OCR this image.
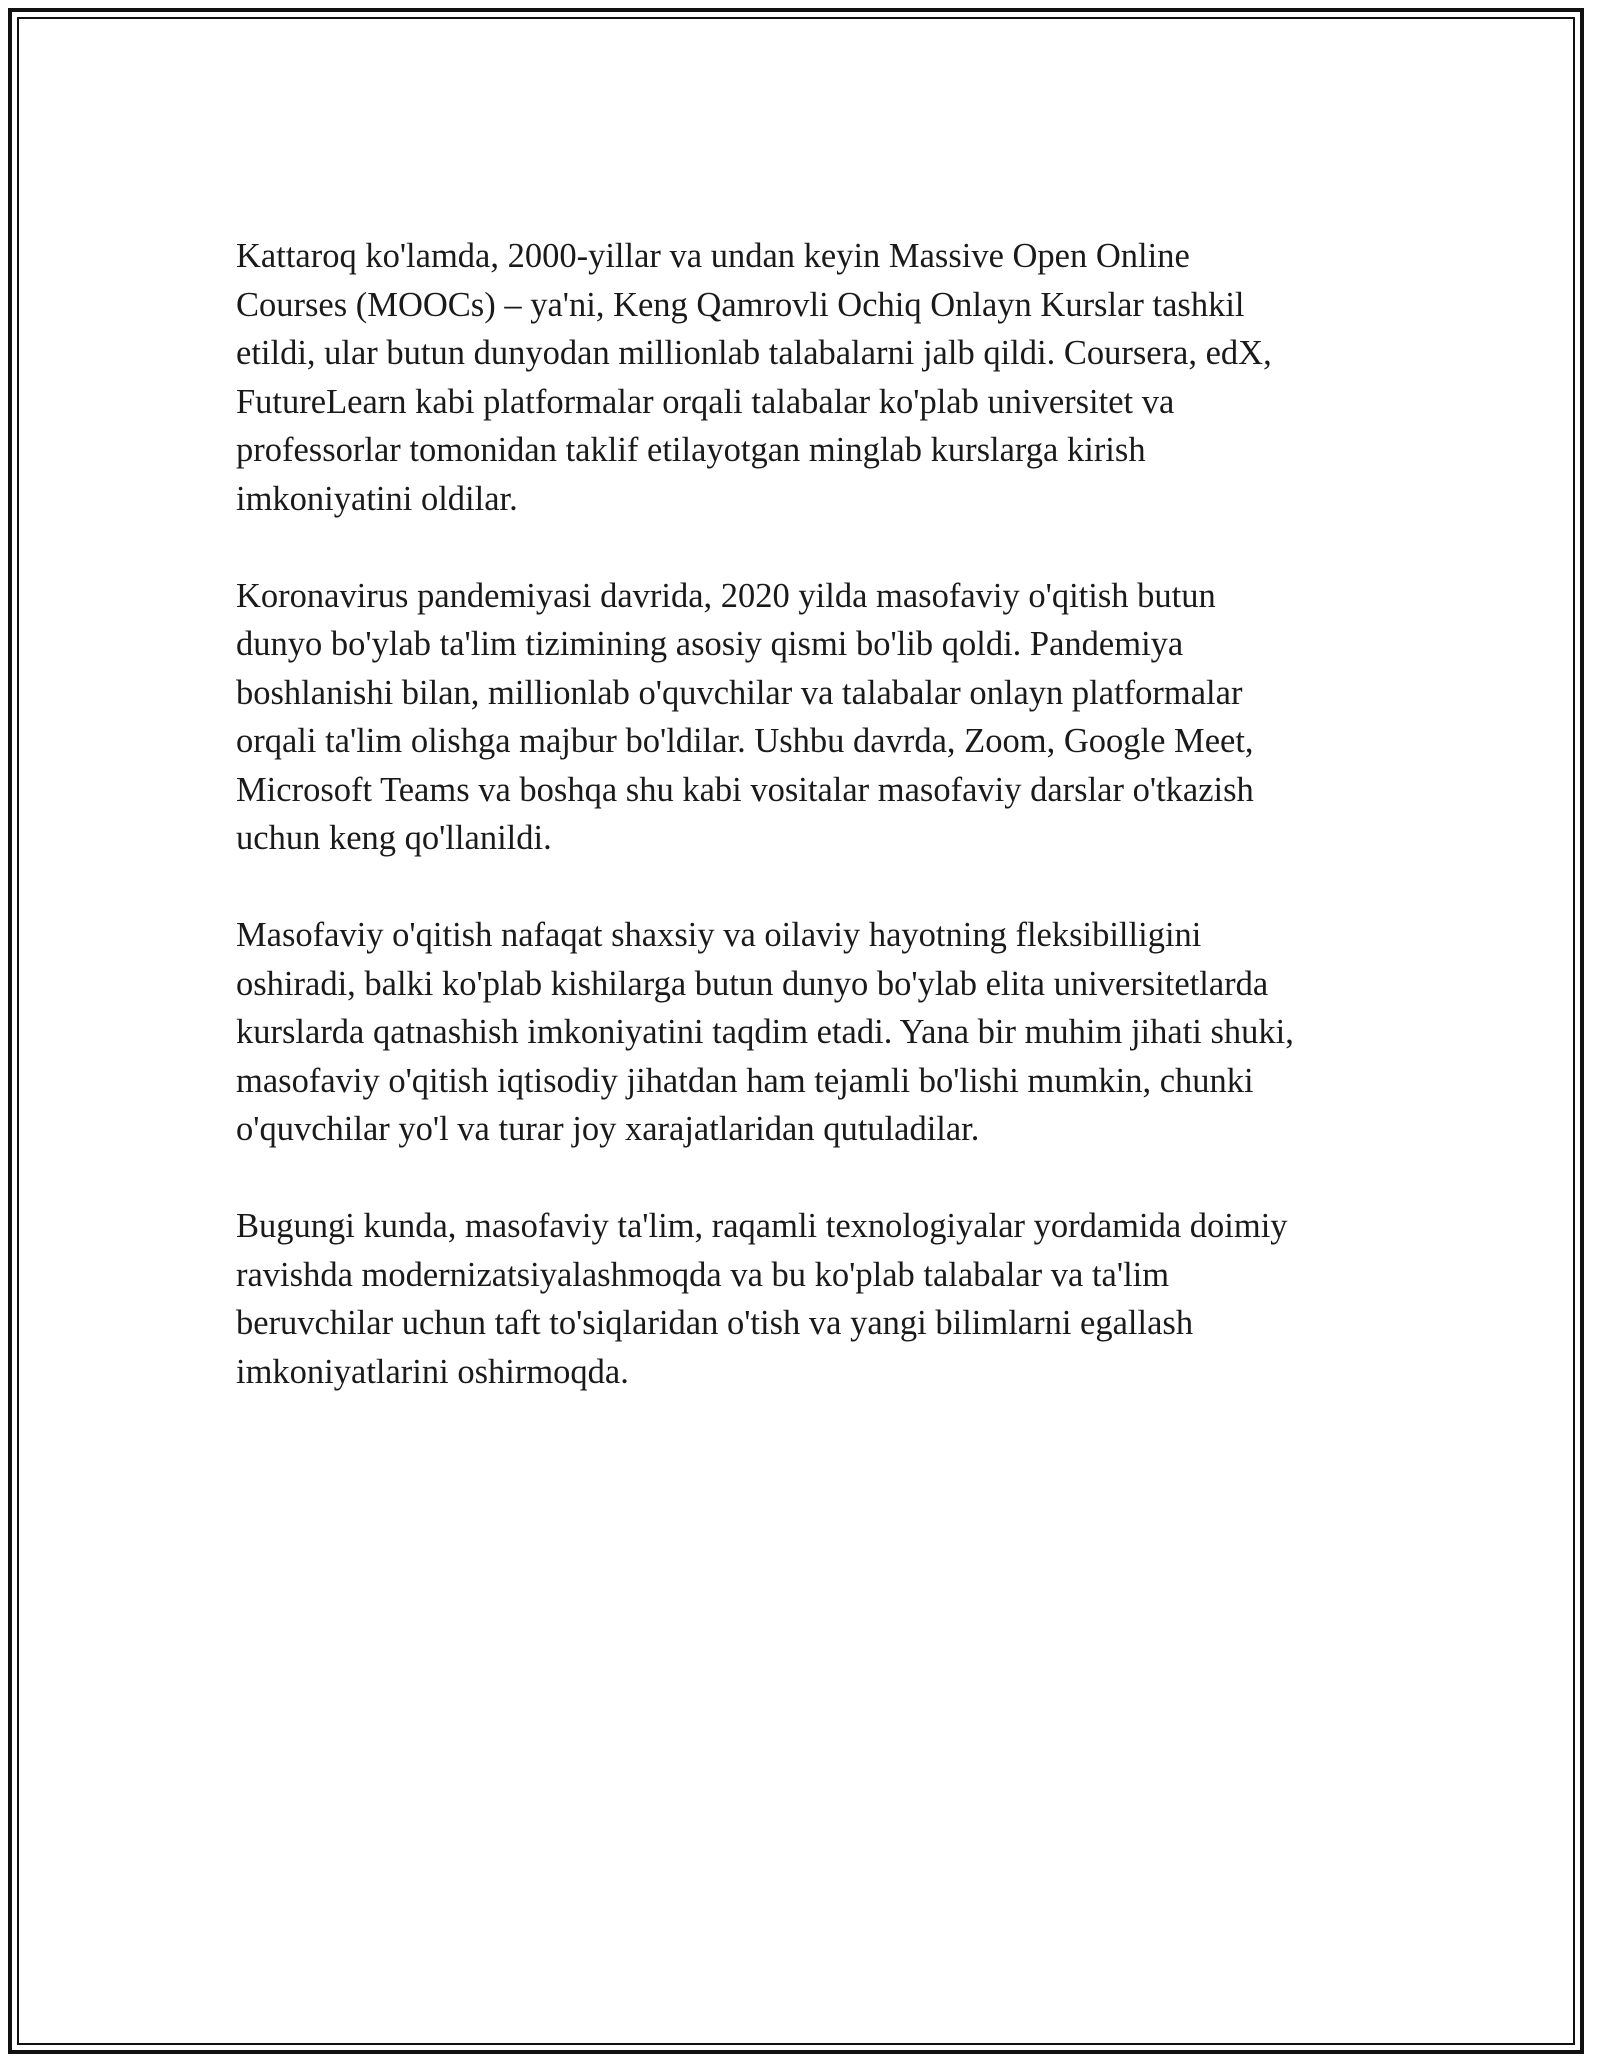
Kattaroq ko'lamda, 2000-yillar va undan keyin Massive Open Online
Courses (MOOCs) – ya'ni, Keng Qamrovli Ochiq Onlayn Kurslar tashkil
etildi, ular butun dunyodan millionlab talabalarni jalb qildi. Coursera, edX,
FutureLearn kabi platformalar orqali talabalar ko'plab universitet va
professorlar tomonidan taklif etilayotgan minglab kurslarga kirish
imkoniyatini oldilar.

Koronavirus pandemiyasi davrida, 2020 yilda masofaviy o'qitish butun
dunyo bo'ylab ta'lim tizimining asosiy qismi bo'lib qoldi. Pandemiya
boshlanishi bilan, millionlab o'quvchilar va talabalar onlayn platformalar
orqali ta'lim olishga majbur bo'ldilar. Ushbu davrda, Zoom, Google Meet,
Microsoft Teams va boshqa shu kabi vositalar masofaviy darslar o'tkazish
uchun keng qo'llanildi.

Masofaviy o'qitish nafaqat shaxsiy va oilaviy hayotning fleksibilligini
oshiradi, balki ko'plab kishilarga butun dunyo bo'ylab elita universitetlarda
kurslarda qatnashish imkoniyatini taqdim etadi. Yana bir muhim jihati shuki,
masofaviy o'qitish iqtisodiy jihatdan ham tejamli bo'lishi mumkin, chunki
o'quvchilar yo'l va turar joy xarajatlaridan qutuladilar.

Bugungi kunda, masofaviy ta'lim, raqamli texnologiyalar yordamida doimiy
ravishda modernizatsiyalashmoqda va bu ko'plab talabalar va ta'lim
beruvchilar uchun taft to'siqlaridan o'tish va yangi bilimlarni egallash
imkoniyatlarini oshirmoqda.
